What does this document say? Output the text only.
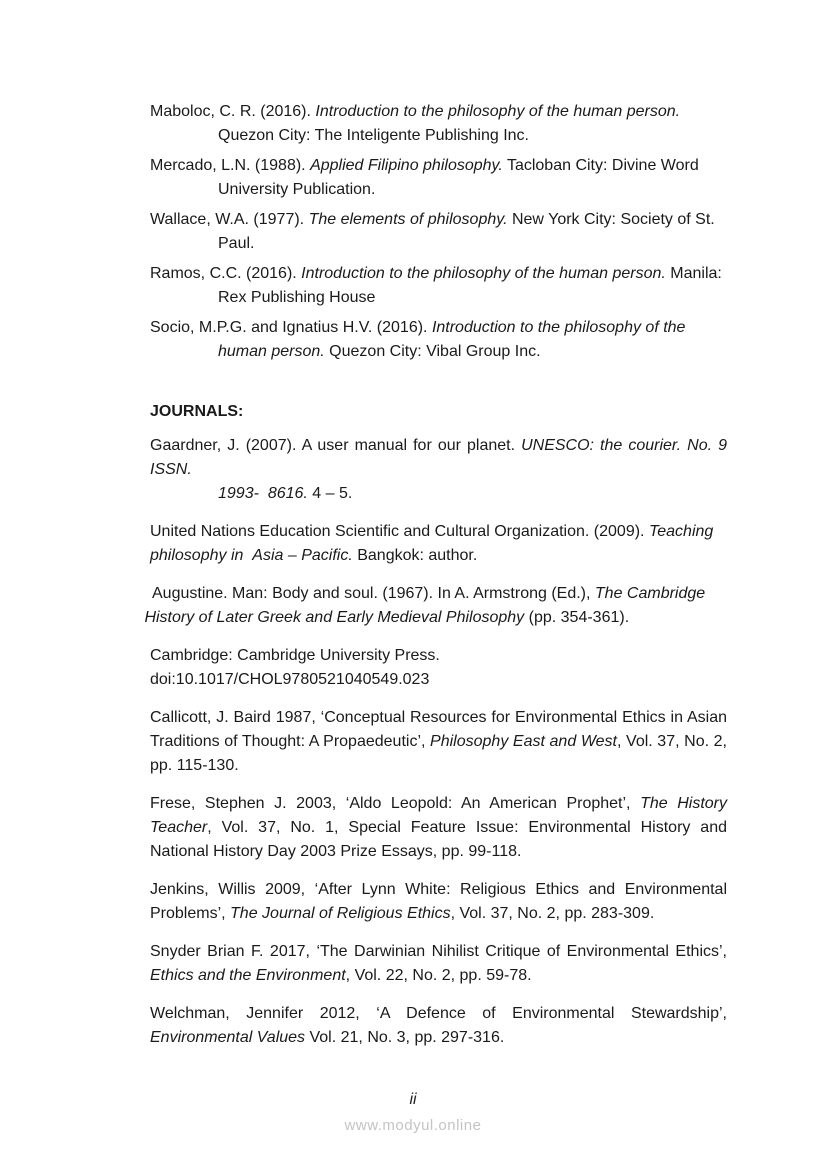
Maboloc, C. R. (2016). Introduction to the philosophy of the human person. Quezon City: The Inteligente Publishing Inc.

Mercado, L.N. (1988). Applied Filipino philosophy. Tacloban City: Divine Word University Publication.

Wallace, W.A. (1977). The elements of philosophy. New York City: Society of St. Paul.

Ramos, C.C. (2016). Introduction to the philosophy of the human person. Manila: Rex Publishing House

Socio, M.P.G. and Ignatius H.V. (2016). Introduction to the philosophy of the human person. Quezon City: Vibal Group Inc.

JOURNALS:

Gaardner, J. (2007). A user manual for our planet. UNESCO: the courier. No. 9 ISSN.

1993-  8616. 4 – 5.

United Nations Education Scientific and Cultural Organization. (2009). Teaching philosophy in  Asia – Pacific. Bangkok: author.

Augustine. Man: Body and soul. (1967). In A. Armstrong (Ed.), The Cambridge  History of Later Greek and Early Medieval Philosophy (pp. 354-361).

Cambridge: Cambridge University Press.

doi:10.1017/CHOL9780521040549.023

Callicott, J. Baird 1987, ‘Conceptual Resources for Environmental Ethics in Asian Traditions of Thought: A Propaedeutic’, Philosophy East and West, Vol. 37, No. 2, pp. 115-130.

Frese, Stephen J. 2003, ‘Aldo Leopold: An American Prophet’, The History Teacher, Vol. 37, No. 1, Special Feature Issue: Environmental History and National History Day 2003 Prize Essays, pp. 99-118.

Jenkins, Willis 2009, ‘After Lynn White: Religious Ethics and Environmental Problems’, The Journal of Religious Ethics, Vol. 37, No. 2, pp. 283-309.

Snyder Brian F. 2017, ‘The Darwinian Nihilist Critique of Environmental Ethics’, Ethics and the Environment, Vol. 22, No. 2, pp. 59-78.

Welchman, Jennifer 2012, ‘A Defence of Environmental Stewardship’, Environmental Values Vol. 21, No. 3, pp. 297-316.

ii
www.modyul.online
